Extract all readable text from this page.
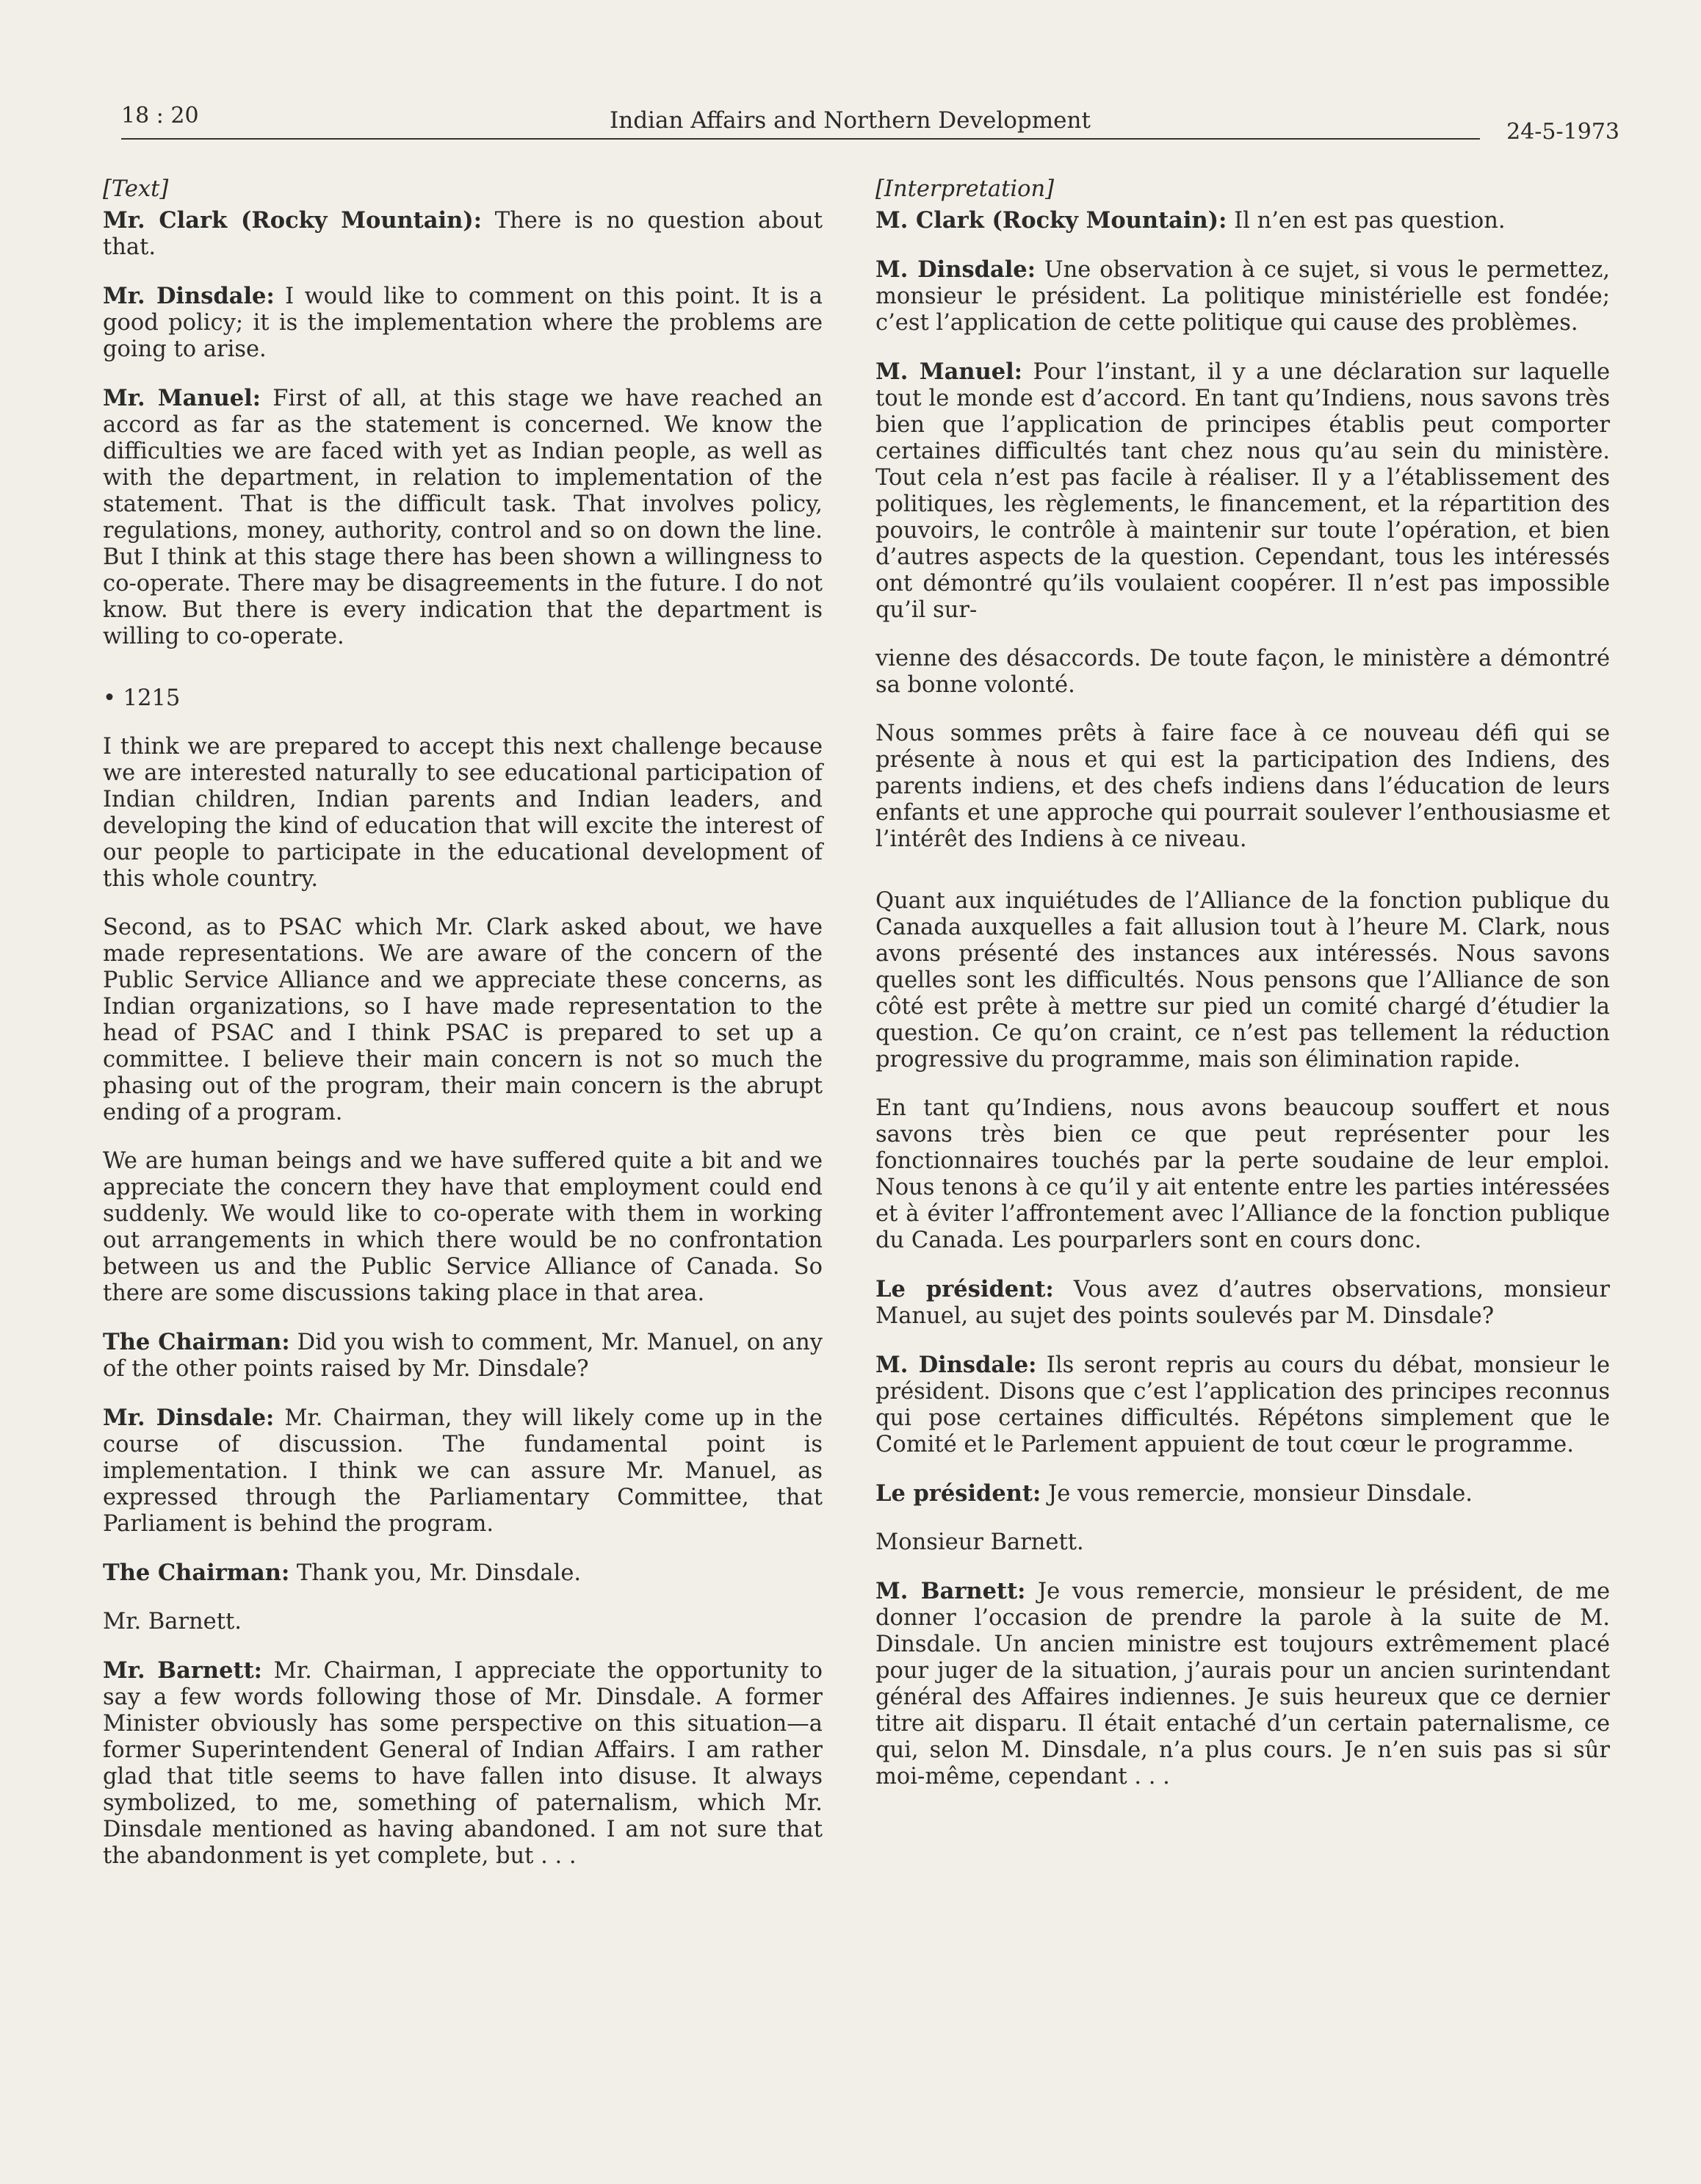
18 : 20	Indian Affairs and Northern Development	24-5-1973
[Text]

Mr. Clark (Rocky Mountain): There is no question about that.

Mr. Dinsdale: I would like to comment on this point. It is a good policy; it is the implementation where the problems are going to arise.

Mr. Manuel: First of all, at this stage we have reached an accord as far as the statement is concerned. We know the difficulties we are faced with yet as Indian people, as well as with the department, in relation to implementation of the statement. That is the difficult task. That involves policy, regulations, money, authority, control and so on down the line. But I think at this stage there has been shown a willingness to co-operate. There may be disagreements in the future. I do not know. But there is every indication that the department is willing to co-operate.

• 1215

I think we are prepared to accept this next challenge because we are interested naturally to see educational participation of Indian children, Indian parents and Indian leaders, and developing the kind of education that will excite the interest of our people to participate in the educational development of this whole country.

Second, as to PSAC which Mr. Clark asked about, we have made representations. We are aware of the concern of the Public Service Alliance and we appreciate these concerns, as Indian organizations, so I have made representation to the head of PSAC and I think PSAC is prepared to set up a committee. I believe their main concern is not so much the phasing out of the program, their main concern is the abrupt ending of a program.

We are human beings and we have suffered quite a bit and we appreciate the concern they have that employment could end suddenly. We would like to co-operate with them in working out arrangements in which there would be no confrontation between us and the Public Service Alliance of Canada. So there are some discussions taking place in that area.

The Chairman: Did you wish to comment, Mr. Manuel, on any of the other points raised by Mr. Dinsdale?

Mr. Dinsdale: Mr. Chairman, they will likely come up in the course of discussion. The fundamental point is implementation. I think we can assure Mr. Manuel, as expressed through the Parliamentary Committee, that Parliament is behind the program.

The Chairman: Thank you, Mr. Dinsdale.

Mr. Barnett.

Mr. Barnett: Mr. Chairman, I appreciate the opportunity to say a few words following those of Mr. Dinsdale. A former Minister obviously has some perspective on this situation—a former Superintendent General of Indian Affairs. I am rather glad that title seems to have fallen into disuse. It always symbolized, to me, something of paternalism, which Mr. Dinsdale mentioned as having abandoned. I am not sure that the abandonment is yet complete, but . . .

[Interpretation]

M. Clark (Rocky Mountain): Il n’en est pas question.

M. Dinsdale: Une observation à ce sujet, si vous le permettez, monsieur le président. La politique ministérielle est fondée; c’est l’application de cette politique qui cause des problèmes.

M. Manuel: Pour l’instant, il y a une déclaration sur laquelle tout le monde est d’accord. En tant qu’Indiens, nous savons très bien que l’application de principes établis peut comporter certaines difficultés tant chez nous qu’au sein du ministère. Tout cela n’est pas facile à réaliser. Il y a l’établissement des politiques, les règlements, le financement, et la répartition des pouvoirs, le contrôle à maintenir sur toute l’opération, et bien d’autres aspects de la question. Cependant, tous les intéressés ont démontré qu’ils voulaient coopérer. Il n’est pas impossible qu’il sur-

vienne des désaccords. De toute façon, le ministère a démontré sa bonne volonté.

Nous sommes prêts à faire face à ce nouveau défi qui se présente à nous et qui est la participation des Indiens, des parents indiens, et des chefs indiens dans l’éducation de leurs enfants et une approche qui pourrait soulever l’enthousiasme et l’intérêt des Indiens à ce niveau.

Quant aux inquiétudes de l’Alliance de la fonction publique du Canada auxquelles a fait allusion tout à l’heure M. Clark, nous avons présenté des instances aux intéressés. Nous savons quelles sont les difficultés. Nous pensons que l’Alliance de son côté est prête à mettre sur pied un comité chargé d’étudier la question. Ce qu’on craint, ce n’est pas tellement la réduction progressive du programme, mais son élimination rapide.

En tant qu’Indiens, nous avons beaucoup souffert et nous savons très bien ce que peut représenter pour les fonctionnaires touchés par la perte soudaine de leur emploi. Nous tenons à ce qu’il y ait entente entre les parties intéressées et à éviter l’affrontement avec l’Alliance de la fonction publique du Canada. Les pourparlers sont en cours donc.

Le président: Vous avez d’autres observations, monsieur Manuel, au sujet des points soulevés par M. Dinsdale?

M. Dinsdale: Ils seront repris au cours du débat, monsieur le président. Disons que c’est l’application des principes reconnus qui pose certaines difficultés. Répétons simplement que le Comité et le Parlement appuient de tout cœur le programme.

Le président: Je vous remercie, monsieur Dinsdale.

Monsieur Barnett.

M. Barnett: Je vous remercie, monsieur le président, de me donner l’occasion de prendre la parole à la suite de M. Dinsdale. Un ancien ministre est toujours extrêmement placé pour juger de la situation, j’aurais pour un ancien surintendant général des Affaires indiennes. Je suis heureux que ce dernier titre ait disparu. Il était entaché d’un certain paternalisme, ce qui, selon M. Dinsdale, n’a plus cours. Je n’en suis pas si sûr moi-même, cependant . . .
